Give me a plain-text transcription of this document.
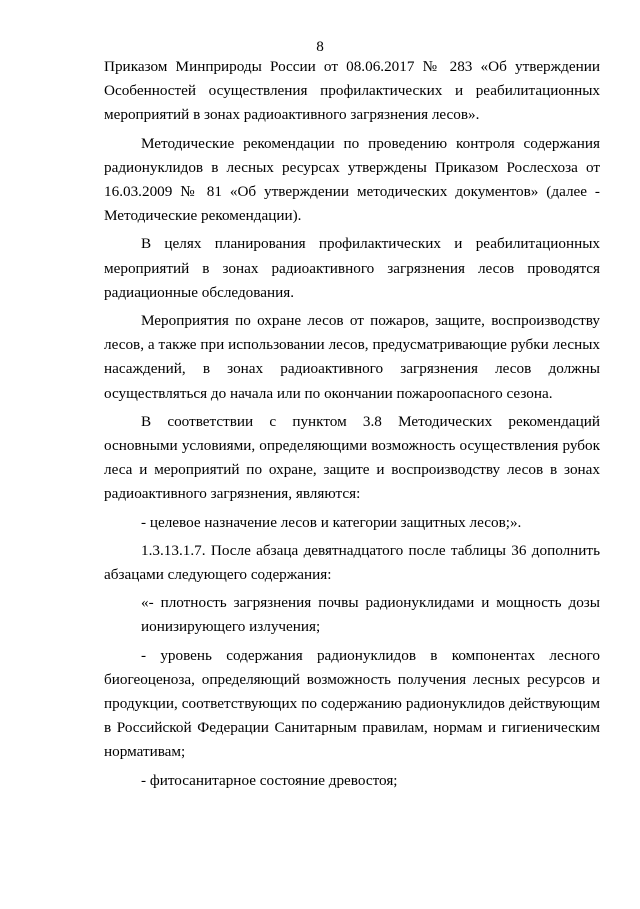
8

Приказом Минприроды России от 08.06.2017 № 283 «Об утверждении Особенностей осуществления профилактических и реабилитационных мероприятий в зонах радиоактивного загрязнения лесов».

Методические рекомендации по проведению контроля содержания радионуклидов в лесных ресурсах утверждены Приказом Рослесхоза от 16.03.2009 № 81 «Об утверждении методических документов» (далее - Методические рекомендации).

В целях планирования профилактических и реабилитационных мероприятий в зонах радиоактивного загрязнения лесов проводятся радиационные обследования.

Мероприятия по охране лесов от пожаров, защите, воспроизводству лесов, а также при использовании лесов, предусматривающие рубки лесных насаждений, в зонах радиоактивного загрязнения лесов должны осуществляться до начала или по окончании пожароопасного сезона.

В соответствии с пунктом 3.8 Методических рекомендаций основными условиями, определяющими возможность осуществления рубок леса и мероприятий по охране, защите и воспроизводству лесов в зонах радиоактивного загрязнения, являются:

- целевое назначение лесов и категории защитных лесов;».

1.3.13.1.7. После абзаца девятнадцатого после таблицы 36 дополнить абзацами следующего содержания:

«- плотность загрязнения почвы радионуклидами и мощность дозы ионизирующего излучения;

- уровень содержания радионуклидов в компонентах лесного биогеоценоза, определяющий возможность получения лесных ресурсов и продукции, соответствующих по содержанию радионуклидов действующим в Российской Федерации Санитарным правилам, нормам и гигиеническим нормативам;

- фитосанитарное состояние древостоя;
